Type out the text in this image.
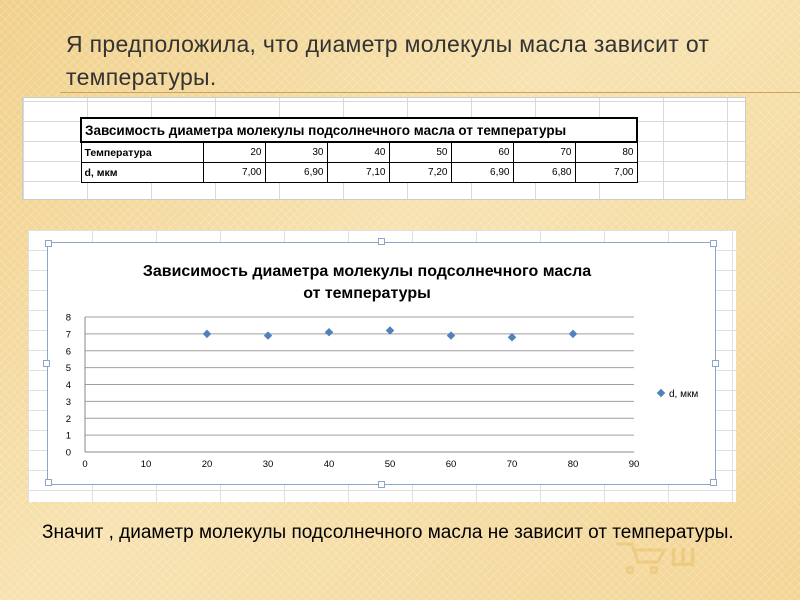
Я предположила, что диаметр молекулы масла зависит от температуры.
Завсимость диаметра молекулы подсолнечного масла от температуры							
Температура	20	30	40	50	60	70	80
d, мкм	7,00	6,90	7,10	7,20	6,90	6,80	7,00
Зависимость диаметра молекулы подсолнечного масла
от температуры
0
1
2
3
4
5
6
7
8
0	10	20	30	40	50	60	70	80	90
d, мкм
Значит , диаметр молекулы подсолнечного масла не зависит от температуры.
Ш
